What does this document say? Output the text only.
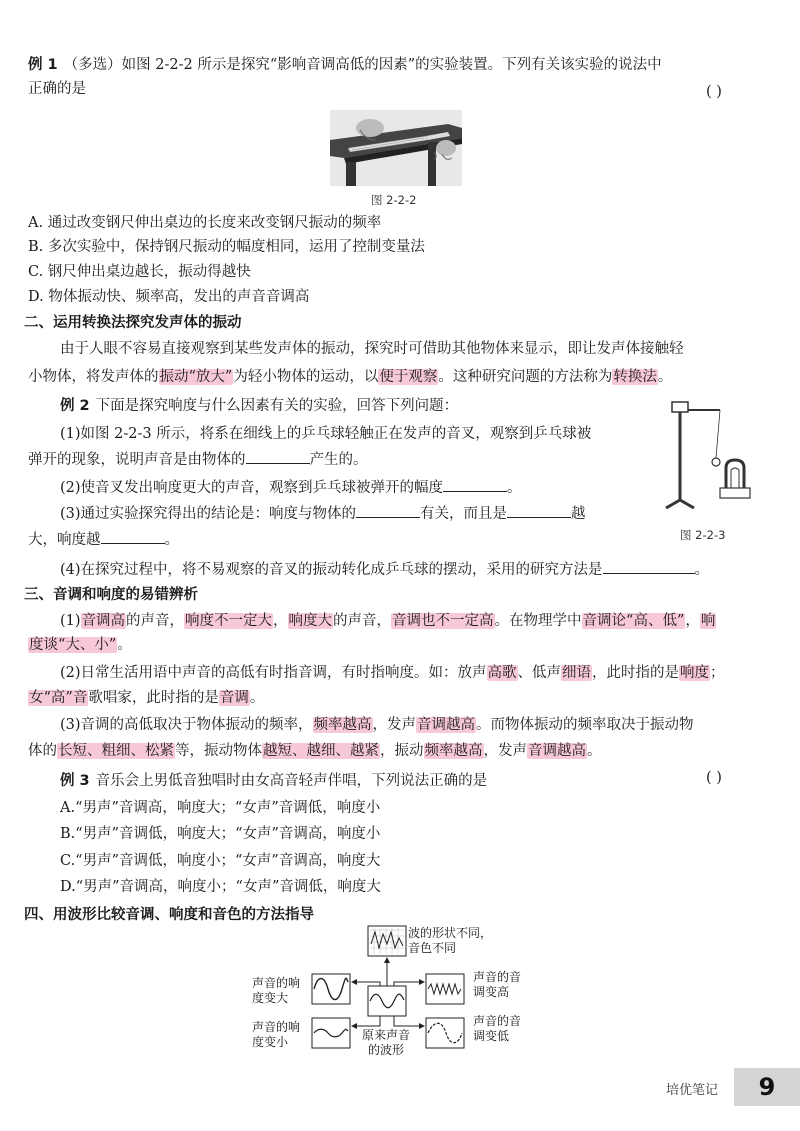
例 1 （多选）如图 2-2-2 所示是探究“影响音调高低的因素”的实验装置。下列有关该实验的说法中
正确的是	( )
图 2-2-2
A. 通过改变钢尺伸出桌边的长度来改变钢尺振动的频率
B. 多次实验中，保持钢尺振动的幅度相同，运用了控制变量法
C. 钢尺伸出桌边越长，振动得越快
D. 物体振动快、频率高，发出的声音音调高
二、运用转换法探究发声体的振动
由于人眼不容易直接观察到某些发声体的振动，探究时可借助其他物体来显示，即让发声体接触轻
小物体，将发声体的振动“放大”为轻小物体的运动，以便于观察。这种研究问题的方法称为转换法。
例 2 下面是探究响度与什么因素有关的实验，回答下列问题：
(1)如图 2-2-3 所示，将系在细线上的乒乓球轻触正在发声的音叉，观察到乒乓球被
弹开的现象，说明声音是由物体的	产生的。
(2)使音叉发出响度更大的声音，观察到乒乓球被弹开的幅度	。
(3)通过实验探究得出的结论是：响度与物体的	有关，而且是	越
大，响度越	。	图 2-2-3
(4)在探究过程中，将不易观察的音叉的振动转化成乒乓球的摆动，采用的研究方法是	。
三、音调和响度的易错辨析
(1)音调高的声音，响度不一定大，响度大的声音，音调也不一定高。在物理学中音调论“高、低”，响
度谈“大、小”。
(2)日常生活用语中声音的高低有时指音调，有时指响度。如：放声高歌、低声细语，此时指的是响度；
女“高”音歌唱家，此时指的是音调。
(3)音调的高低取决于物体振动的频率，频率越高，发声音调越高。而物体振动的频率取决于振动物
体的长短、粗细、松紧等，振动物体越短、越细、越紧，振动频率越高，发声音调越高。
例 3 音乐会上男低音独唱时由女高音轻声伴唱，下列说法正确的是	( )
A.“男声”音调高，响度大；“女声”音调低，响度小
B.“男声”音调低，响度大；“女声”音调高，响度小
C.“男声”音调低，响度小；“女声”音调高，响度大
D.“男声”音调高，响度小；“女声”音调低，响度大
四、用波形比较音调、响度和音色的方法指导
波的形状不同，
音色不同
声音的响
度变大
声音的响
度变小
声音的音
调变高
声音的音
调变低
原来声音
的波形
培优笔记	9
